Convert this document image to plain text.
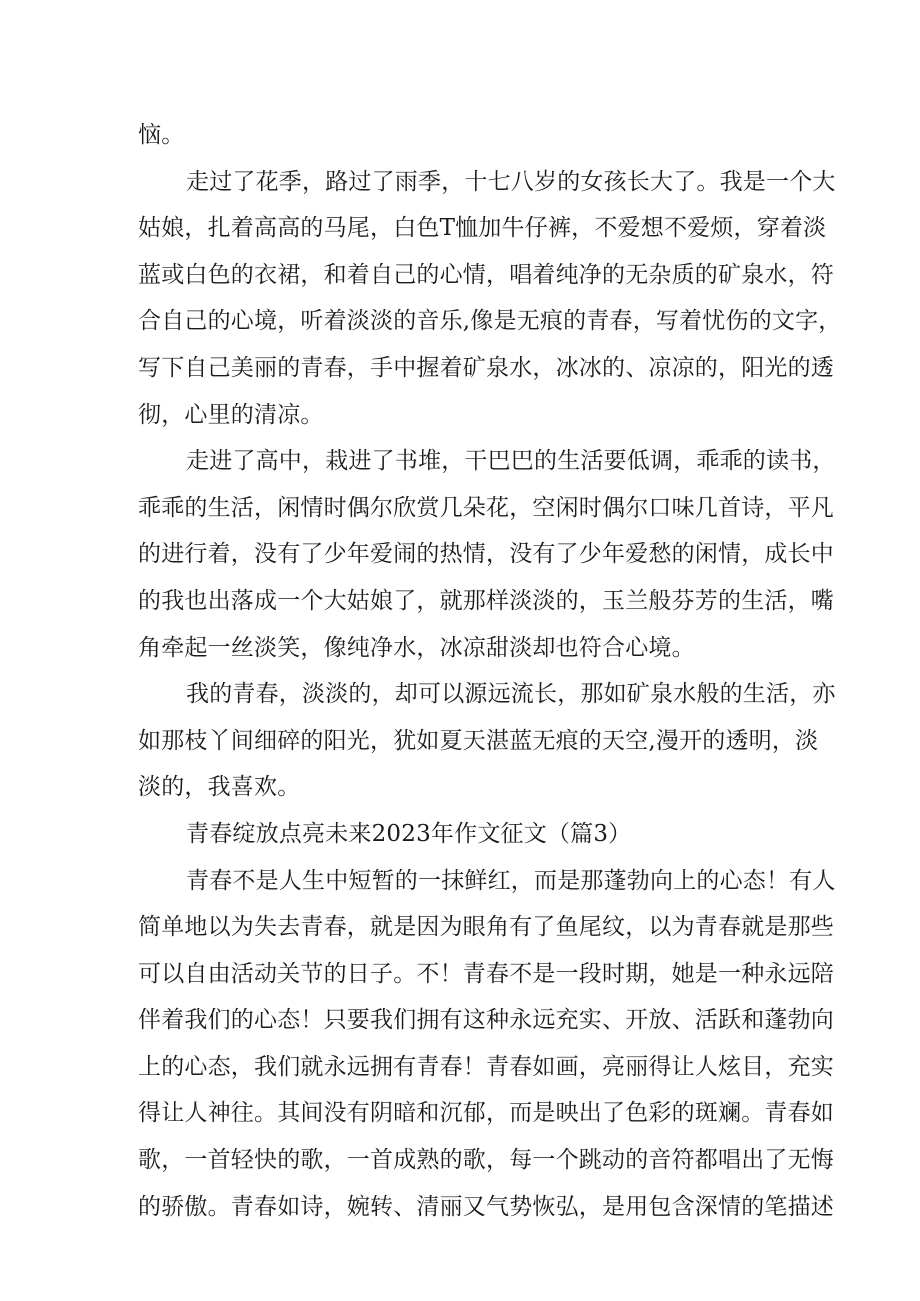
恼。
走过了花季，路过了雨季，十七八岁的女孩长大了。我是一个大
姑娘，扎着高高的马尾，白色T恤加牛仔裤，不爱想不爱烦，穿着淡
蓝或白色的衣裙，和着自己的心情，唱着纯净的无杂质的矿泉水，符
合自己的心境，听着淡淡的音乐,像是无痕的青春，写着忧伤的文字，
写下自己美丽的青春，手中握着矿泉水，冰冰的、凉凉的，阳光的透
彻，心里的清凉。
走进了高中，栽进了书堆，干巴巴的生活要低调，乖乖的读书，
乖乖的生活，闲情时偶尔欣赏几朵花，空闲时偶尔口味几首诗，平凡
的进行着，没有了少年爱闹的热情，没有了少年爱愁的闲情，成长中
的我也出落成一个大姑娘了，就那样淡淡的，玉兰般芬芳的生活，嘴
角牵起一丝淡笑，像纯净水，冰凉甜淡却也符合心境。
我的青春，淡淡的，却可以源远流长，那如矿泉水般的生活，亦
如那枝丫间细碎的阳光，犹如夏天湛蓝无痕的天空,漫开的透明，淡
淡的，我喜欢。
青春绽放点亮未来2023年作文征文（篇3）
青春不是人生中短暂的一抹鲜红，而是那蓬勃向上的心态！有人
简单地以为失去青春，就是因为眼角有了鱼尾纹，以为青春就是那些
可以自由活动关节的日子。不！青春不是一段时期，她是一种永远陪
伴着我们的心态！只要我们拥有这种永远充实、开放、活跃和蓬勃向
上的心态，我们就永远拥有青春！青春如画，亮丽得让人炫目，充实
得让人神往。其间没有阴暗和沉郁，而是映出了色彩的斑斓。青春如
歌，一首轻快的歌，一首成熟的歌，每一个跳动的音符都唱出了无悔
的骄傲。青春如诗，婉转、清丽又气势恢弘，是用包含深情的笔描述
